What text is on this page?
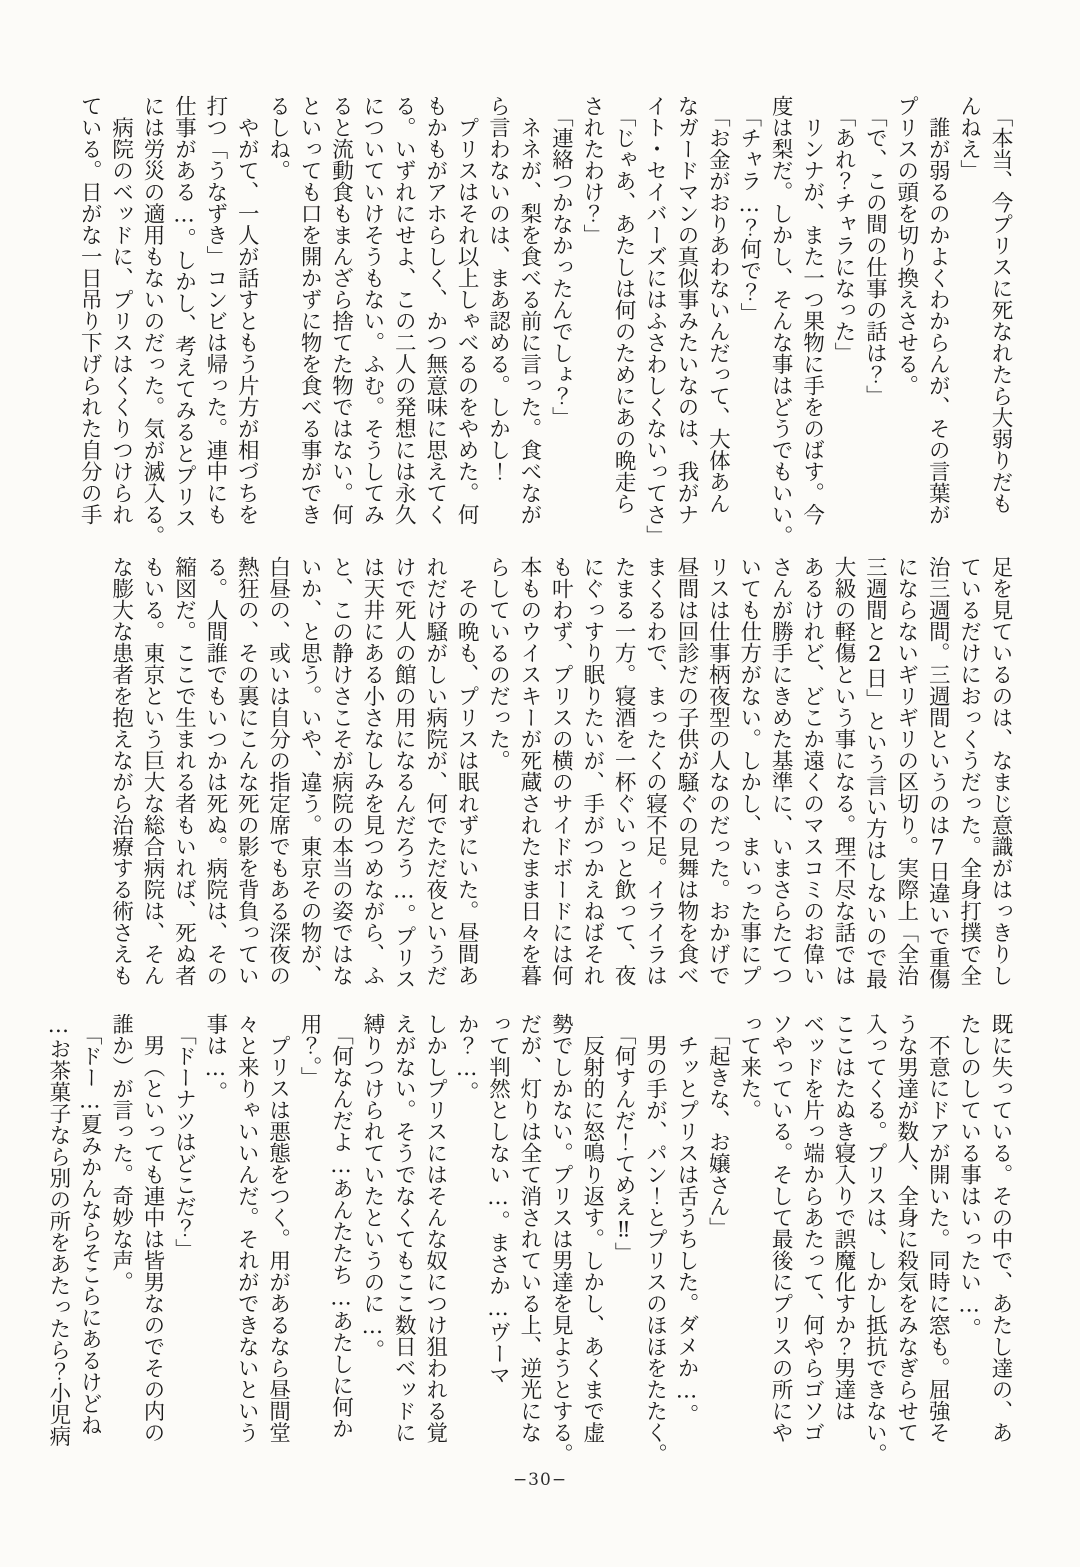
　「本当、今プリスに死なれたら大弱りだも

んねえ」

　誰が弱るのかよくわからんが、その言葉が

プリスの頭を切り換えさせる。

　「で、この間の仕事の話は？」

　「あれ？チャラになった」

　リンナが、また一つ果物に手をのばす。今

度は梨だ。しかし、そんな事はどうでもいい。

　「チャラ…？何で？」

　「お金がおりあわないんだって、大体あん

なガードマンの真似事みたいなのは、我がナ

イト・セイバーズにはふさわしくないってさ」

　「じゃあ、あたしは何のためにあの晩走ら

されたわけ？」

　「連絡つかなかったんでしょ？」

　ネネが、梨を食べる前に言った。食べなが

ら言わないのは、まあ認める。しかし！

　プリスはそれ以上しゃべるのをやめた。何

もかもがアホらしく、かつ無意味に思えてく

る。いずれにせよ、この二人の発想には永久

についていけそうもない。ふむ。そうしてみ

ると流動食もまんざら捨てた物ではない。何

といっても口を開かずに物を食べる事ができ

るしね。

　やがて、一人が話すともう片方が相づちを

打つ「うなずき」コンビは帰った。連中にも

仕事がある…。しかし、考えてみるとプリス

には労災の適用もないのだった。気が滅入る。

　病院のベッドに、プリスはくくりつけられ

ている。日がな一日吊り下げられた自分の手

足を見ているのは、なまじ意識がはっきりし

ているだけにおっくうだった。全身打撲で全

治三週間。三週間というのは7日違いで重傷

にならないギリギリの区切り。実際上「全治

三週間と2日」という言い方はしないので最

大級の軽傷という事になる。理不尽な話では

あるけれど、どこか遠くのマスコミのお偉い

さんが勝手にきめた基準に、いまさらたてつ

いても仕方がない。しかし、まいった事にプ

リスは仕事柄夜型の人なのだった。おかげで

昼間は回診だの子供が騒ぐの見舞は物を食べ

まくるわで、まったくの寝不足。イライラは

たまる一方。寝酒を一杯ぐいっと飲って、夜

にぐっすり眠りたいが、手がつかえねばそれ

も叶わず、プリスの横のサイドボードには何

本ものウイスキーが死蔵されたまま日々を暮

らしているのだった。

　その晩も、プリスは眠れずにいた。昼間あ

れだけ騒がしい病院が、何でただ夜というだ

けで死人の館の用になるんだろう…。プリス

は天井にある小さなしみを見つめながら、ふ

と、この静けさこそが病院の本当の姿ではな

いか、と思う。いや、違う。東京その物が、

白昼の、或いは自分の指定席でもある深夜の

熱狂の、その裏にこんな死の影を背負ってい

る。人間誰でもいつかは死ぬ。病院は、その

縮図だ。ここで生まれる者もいれば、死ぬ者

もいる。東京という巨大な総合病院は、そん

な膨大な患者を抱えながら治療する術さえも

既に失っている。その中で、あたし達の、あ

たしのしている事はいったい…。

　不意にドアが開いた。同時に窓も。屈強そ

うな男達が数人、全身に殺気をみなぎらせて

入ってくる。プリスは、しかし抵抗できない。

ここはたぬき寝入りで誤魔化すか？男達は

ベッドを片っ端からあたって、何やらゴソゴ

ソやっている。そして最後にプリスの所にや

って来た。

　「起きな、お嬢さん」

　チッとプリスは舌うちした。ダメか…。

　男の手が、パン！とプリスのほほをたたく。

　「何すんだ！てめえ‼」

　反射的に怒鳴り返す。しかし、あくまで虚

勢でしかない。プリスは男達を見ようとする。

だが、灯りは全て消されている上、逆光にな

って判然としない…。まさか…ヴーマか？…。

しかしプリスにはそんな奴につけ狙われる覚

えがない。そうでなくてもここ数日ベッドに

縛りつけられていたというのに…。

　「何なんだよ…あんたたち…あたしに何か

用？。」

　プリスは悪態をつく。用があるなら昼間堂

々と来りゃいいんだ。それができないという

事は…。

　「ドーナツはどこだ？」

　男（といっても連中は皆男なのでその内の

誰か）が言った。奇妙な声。

　「ドー…夏みかんならそこらにあるけどね

…お茶菓子なら別の所をあたったら？小児病

−30−
